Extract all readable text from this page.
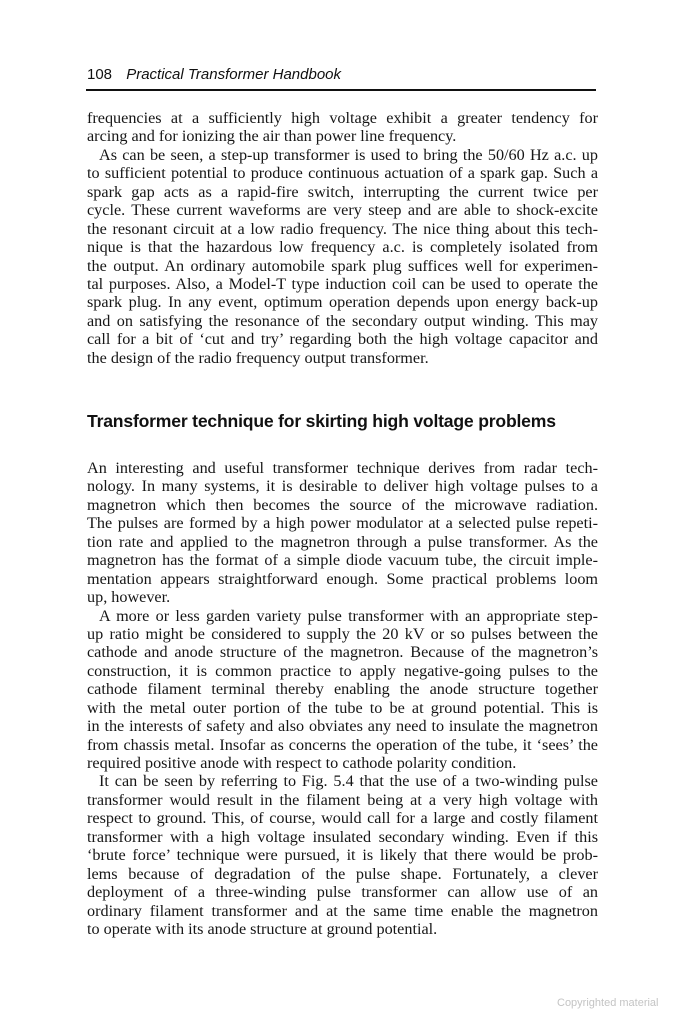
108 Practical Transformer Handbook
frequencies at a sufficiently high voltage exhibit a greater tendency for
arcing and for ionizing the air than power line frequency.
As can be seen, a step-up transformer is used to bring the 50/60 Hz a.c. up
to sufficient potential to produce continuous actuation of a spark gap. Such a
spark gap acts as a rapid-fire switch, interrupting the current twice per
cycle. These current waveforms are very steep and are able to shock-excite
the resonant circuit at a low radio frequency. The nice thing about this tech-
nique is that the hazardous low frequency a.c. is completely isolated from
the output. An ordinary automobile spark plug suffices well for experimen-
tal purposes. Also, a Model-T type induction coil can be used to operate the
spark plug. In any event, optimum operation depends upon energy back-up
and on satisfying the resonance of the secondary output winding. This may
call for a bit of ‘cut and try’ regarding both the high voltage capacitor and
the design of the radio frequency output transformer.
Transformer technique for skirting high voltage problems
An interesting and useful transformer technique derives from radar tech-
nology. In many systems, it is desirable to deliver high voltage pulses to a
magnetron which then becomes the source of the microwave radiation.
The pulses are formed by a high power modulator at a selected pulse repeti-
tion rate and applied to the magnetron through a pulse transformer. As the
magnetron has the format of a simple diode vacuum tube, the circuit imple-
mentation appears straightforward enough. Some practical problems loom
up, however.
A more or less garden variety pulse transformer with an appropriate step-
up ratio might be considered to supply the 20 kV or so pulses between the
cathode and anode structure of the magnetron. Because of the magnetron’s
construction, it is common practice to apply negative-going pulses to the
cathode filament terminal thereby enabling the anode structure together
with the metal outer portion of the tube to be at ground potential. This is
in the interests of safety and also obviates any need to insulate the magnetron
from chassis metal. Insofar as concerns the operation of the tube, it ‘sees’ the
required positive anode with respect to cathode polarity condition.
It can be seen by referring to Fig. 5.4 that the use of a two-winding pulse
transformer would result in the filament being at a very high voltage with
respect to ground. This, of course, would call for a large and costly filament
transformer with a high voltage insulated secondary winding. Even if this
‘brute force’ technique were pursued, it is likely that there would be prob-
lems because of degradation of the pulse shape. Fortunately, a clever
deployment of a three-winding pulse transformer can allow use of an
ordinary filament transformer and at the same time enable the magnetron
to operate with its anode structure at ground potential.
Copyrighted material
